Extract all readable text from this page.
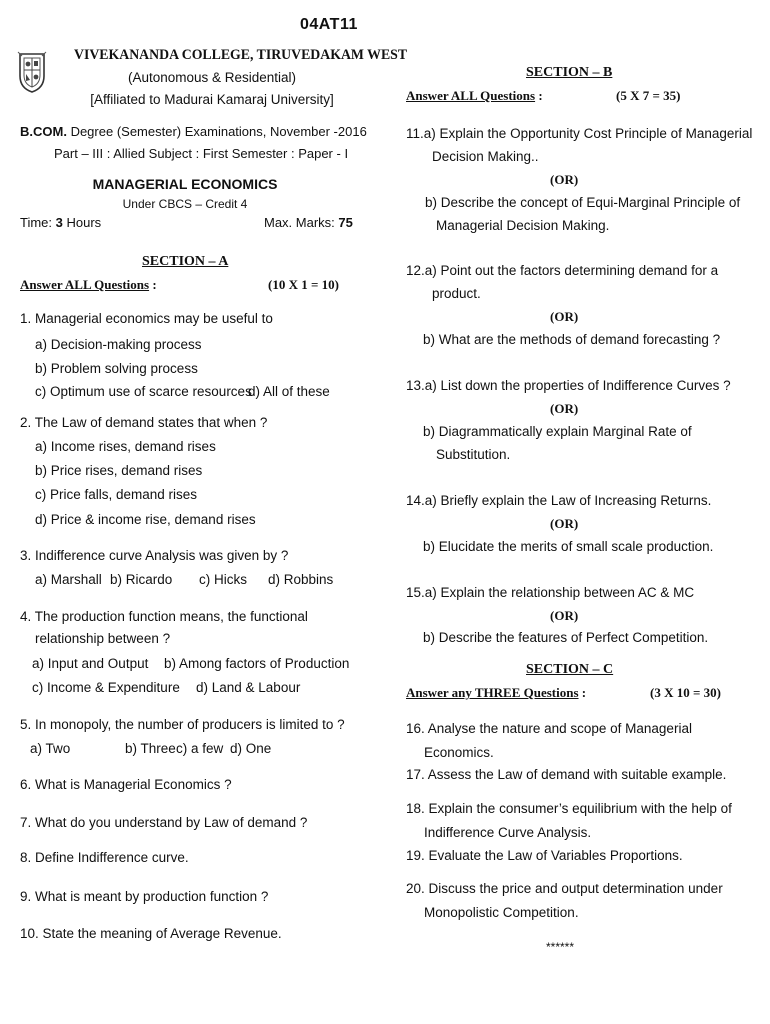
04AT11
VIVEKANANDA COLLEGE, TIRUVEDAKAM WEST
(Autonomous & Residential)
[Affiliated to Madurai Kamaraj University]
B.COM. Degree (Semester) Examinations, November -2016
Part – III : Allied Subject : First Semester : Paper - I
MANAGERIAL ECONOMICS
Under CBCS – Credit 4
Time: 3 Hours	Max. Marks: 75
SECTION – A
Answer ALL Questions :	(10 X 1 = 10)
1. Managerial economics may be useful to
a) Decision-making process
b) Problem solving process
c) Optimum use of scarce resources
d) All of these
2. The Law of demand states that when ?
a) Income rises, demand rises
b) Price rises, demand rises
c) Price falls, demand rises
d) Price & income rise, demand rises
3. Indifference curve Analysis was given by ?
a) Marshall b) Ricardo c) Hicks d) Robbins
4. The production function means, the functional
relationship between ?
a) Input and Output b) Among factors of Production
c) Income & Expenditure d) Land & Labour
5. In monopoly, the number of producers is limited to ?
a) Two	b) Three c) a few d) One
6. What is Managerial Economics ?
7. What do you understand by Law of demand ?
8. Define Indifference curve.
9. What is meant by production function ?
10. State the meaning of Average Revenue.
SECTION – B
Answer ALL Questions :	(5 X 7 = 35)
11.a) Explain the Opportunity Cost Principle of Managerial
Decision Making..
(OR)
b) Describe the concept of Equi-Marginal Principle of
Managerial Decision Making.
12.a) Point out the factors determining demand for a
product.
(OR)
b) What are the methods of demand forecasting ?
13.a) List down the properties of Indifference Curves ?
(OR)
b) Diagrammatically explain Marginal Rate of
Substitution.
14.a) Briefly explain the Law of Increasing Returns.
(OR)
b) Elucidate the merits of small scale production.
15.a) Explain the relationship between AC & MC
(OR)
b) Describe the features of Perfect Competition.
SECTION – C
Answer any THREE Questions :	(3 X 10 = 30)
16. Analyse the nature and scope of Managerial
Economics.
17. Assess the Law of demand with suitable example.
18. Explain the consumer’s equilibrium with the help of
Indifference Curve Analysis.
19. Evaluate the Law of Variables Proportions.
20. Discuss the price and output determination under
Monopolistic Competition.
******
